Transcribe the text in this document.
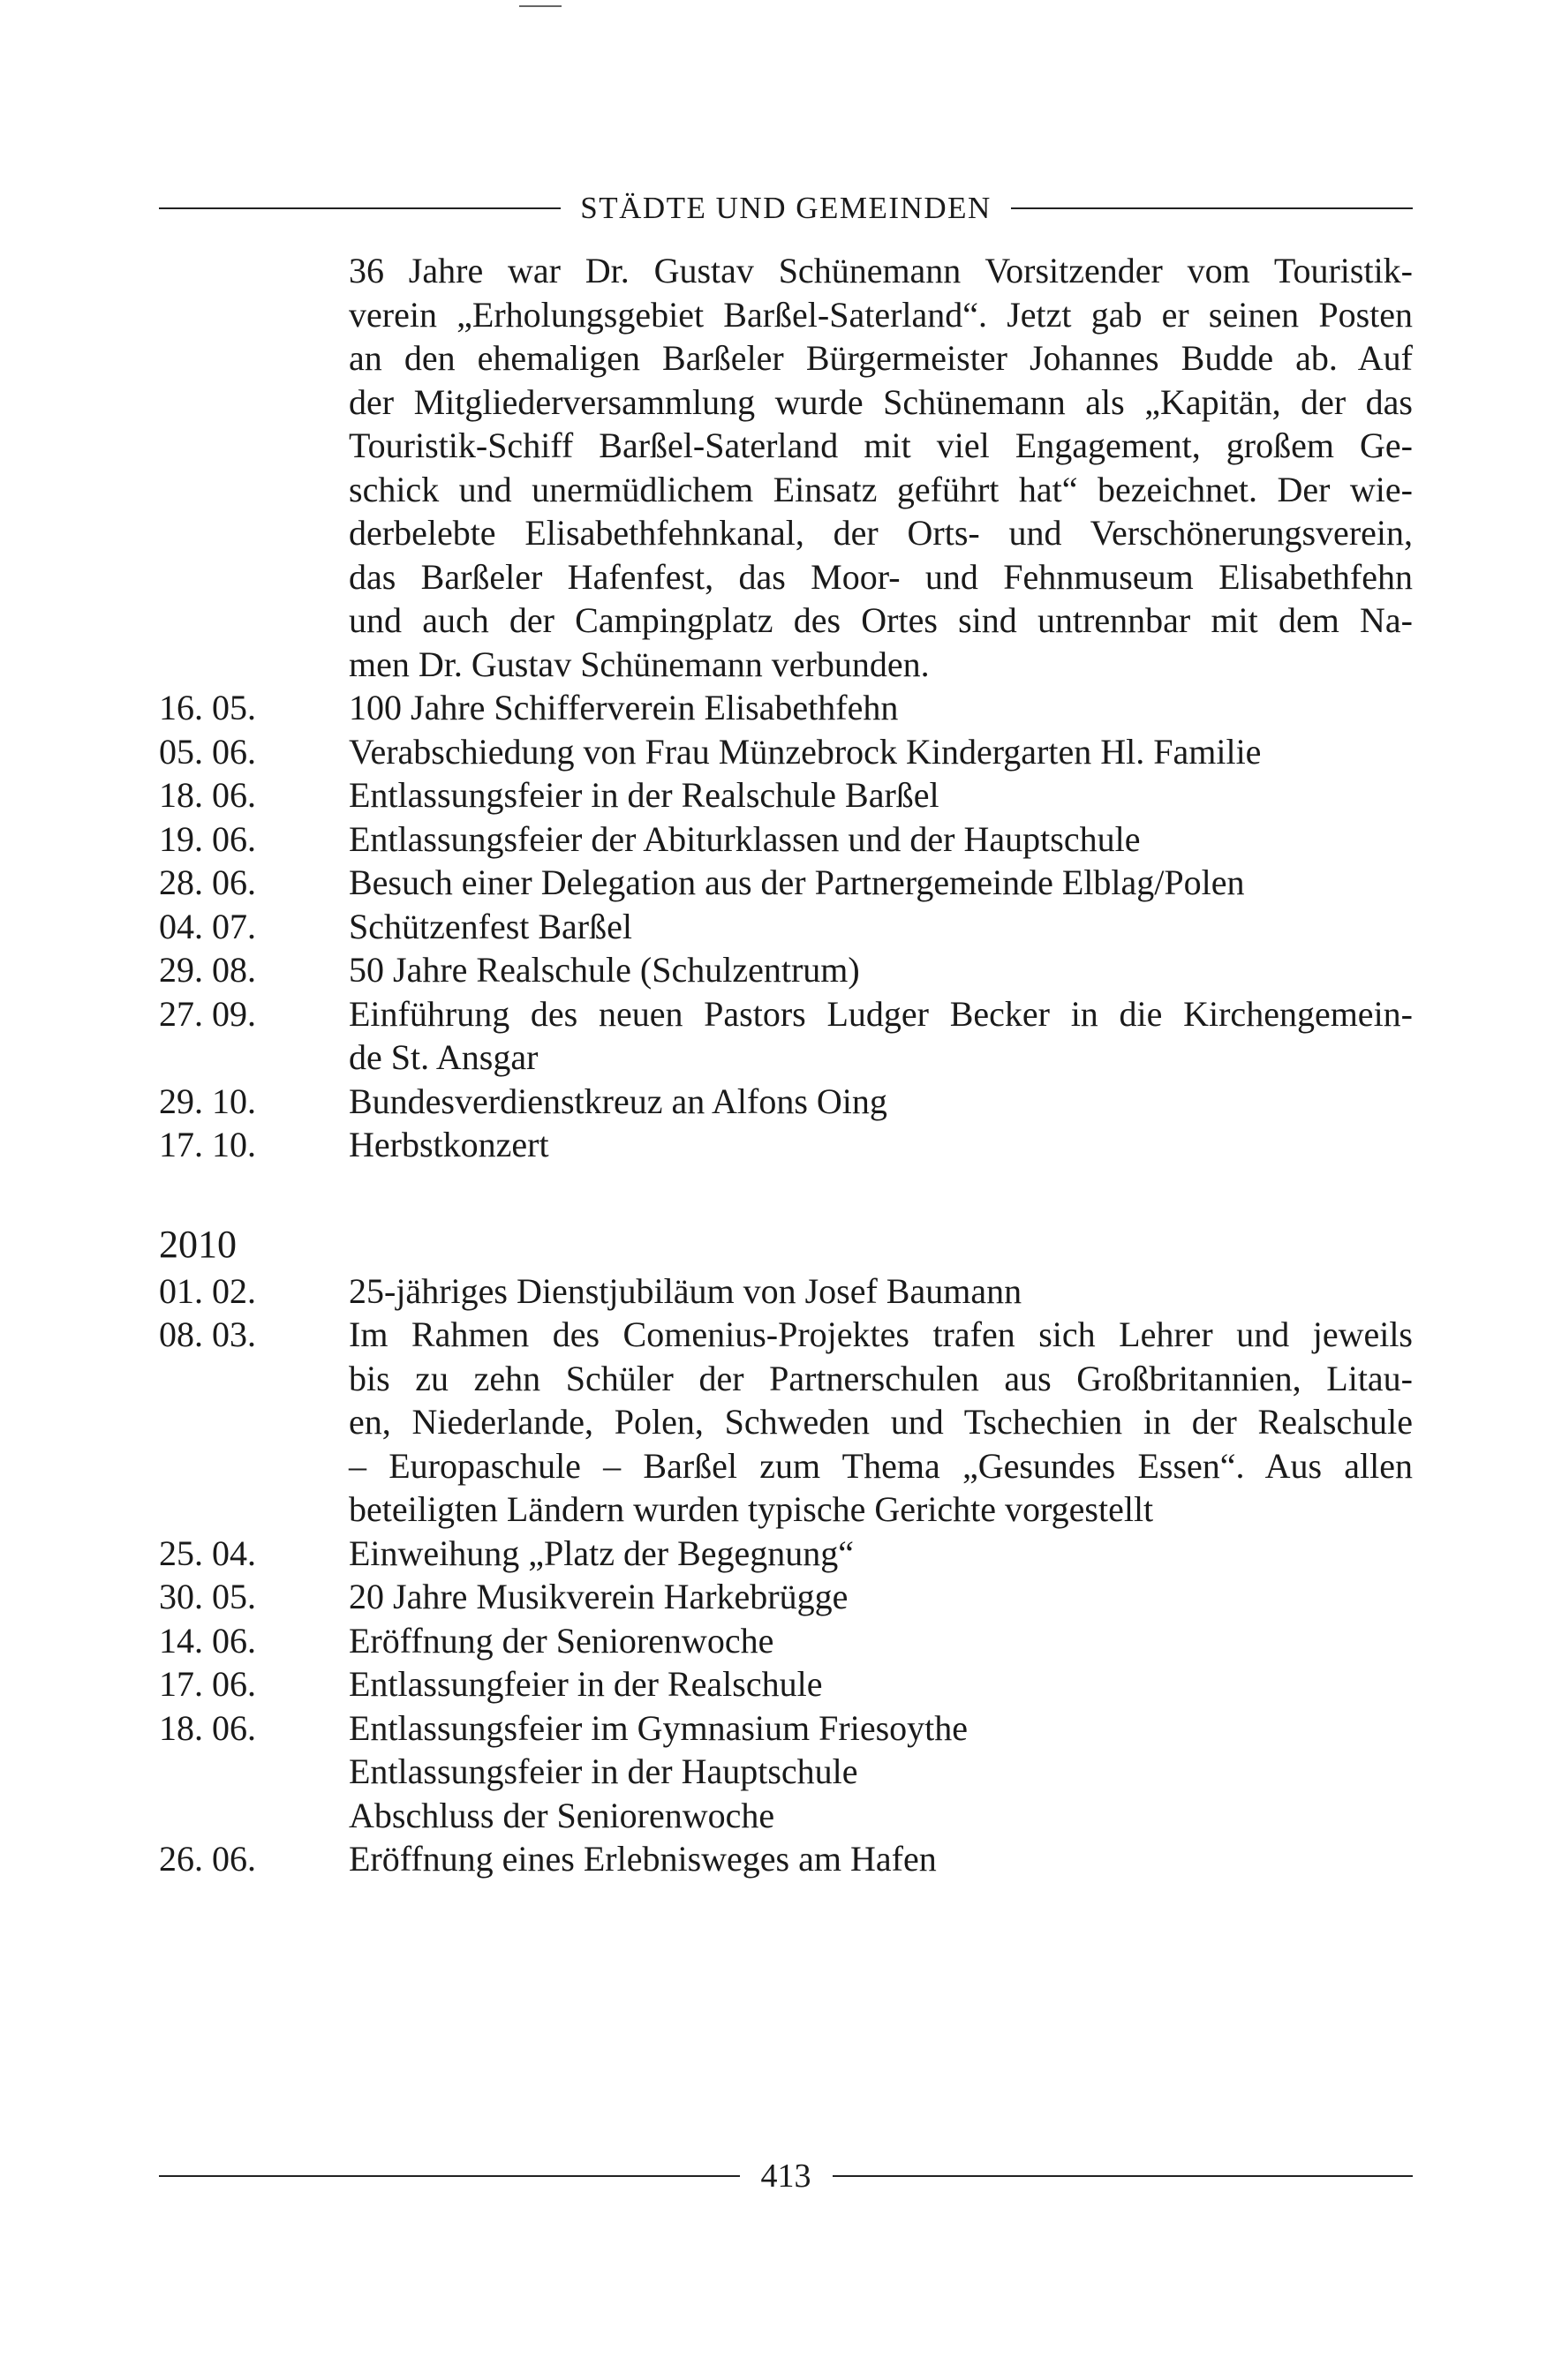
STÄDTE UND GEMEINDEN
36 Jahre war Dr. Gustav Schünemann Vorsitzender vom Touristik-
verein „Erholungsgebiet Barßel-Saterland“. Jetzt gab er seinen Posten
an den ehemaligen Barßeler Bürgermeister Johannes Budde ab. Auf
der Mitgliederversammlung wurde Schünemann als „Kapitän, der das
Touristik-Schiff Barßel-Saterland mit viel Engagement, großem Ge-
schick und unermüdlichem Einsatz geführt hat“ bezeichnet. Der wie-
derbelebte Elisabethfehnkanal, der Orts- und Verschönerungsverein,
das Barßeler Hafenfest, das Moor- und Fehnmuseum Elisabethfehn
und auch der Campingplatz des Ortes sind untrennbar mit dem Na-
men Dr. Gustav Schünemann verbunden.
16. 05.	100 Jahre Schifferverein Elisabethfehn
05. 06.	Verabschiedung von Frau Münzebrock Kindergarten Hl. Familie
18. 06.	Entlassungsfeier in der Realschule Barßel
19. 06.	Entlassungsfeier der Abiturklassen und der Hauptschule
28. 06.	Besuch einer Delegation aus der Partnergemeinde Elblag/Polen
04. 07.	Schützenfest Barßel
29. 08.	50 Jahre Realschule (Schulzentrum)
27. 09.	Einführung des neuen Pastors Ludger Becker in die Kirchengemein-
de St. Ansgar
29. 10.	Bundesverdienstkreuz an Alfons Oing
17. 10.	Herbstkonzert
2010
01. 02.	25-jähriges Dienstjubiläum von Josef Baumann
08. 03.	Im Rahmen des Comenius-Projektes trafen sich Lehrer und jeweils
bis zu zehn Schüler der Partnerschulen aus Großbritannien, Litau-
en, Niederlande, Polen, Schweden und Tschechien in der Realschule
– Europaschule – Barßel zum Thema „Gesundes Essen“. Aus allen
beteiligten Ländern wurden typische Gerichte vorgestellt
25. 04.	Einweihung „Platz der Begegnung“
30. 05.	20 Jahre Musikverein Harkebrügge
14. 06.	Eröffnung der Seniorenwoche
17. 06.	Entlassungfeier in der Realschule
18. 06.	Entlassungsfeier im Gymnasium Friesoythe
Entlassungsfeier in der Hauptschule
Abschluss der Seniorenwoche
26. 06.	Eröffnung eines Erlebnisweges am Hafen
413
